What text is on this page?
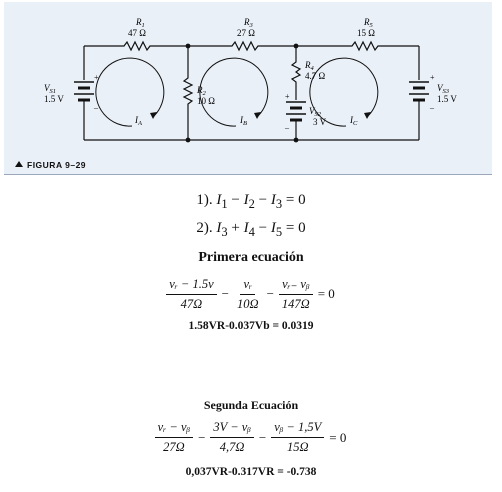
$R_1$
47 Ω
$R_3$
27 Ω
$R_5$
15 Ω
$R_2$
10 Ω
$R_4$
4.7 Ω
$V_{S1}$
1.5 V
$V_{S2}$
3 V
$V_{S3}$
1.5 V
+
–
+
–
+
–
$I_A$	$I_B$	$I_C$
FIGURA 9–29
1). $I_1 - I_2 - I_3 = 0$
2). $I_3 + I_4 - I_5 = 0$
Primera ecuación
$\frac{\text{vᵣ − 1.5v}}{47\Omega} - \frac{\text{vᵣ}}{10\Omega} - \frac{\text{vᵣ₋ vᵦ}}{147\Omega} = 0$
1.58VR-0.037Vb = 0.0319
Segunda Ecuación
$\frac{\text{vᵣ − vᵦ}}{27\Omega} - \frac{\text{3V − vᵦ}}{4,7\Omega} - \frac{\text{vᵦ − 1,5V}}{15\Omega} = 0$
0,037VR-0.317VR = -0.738
